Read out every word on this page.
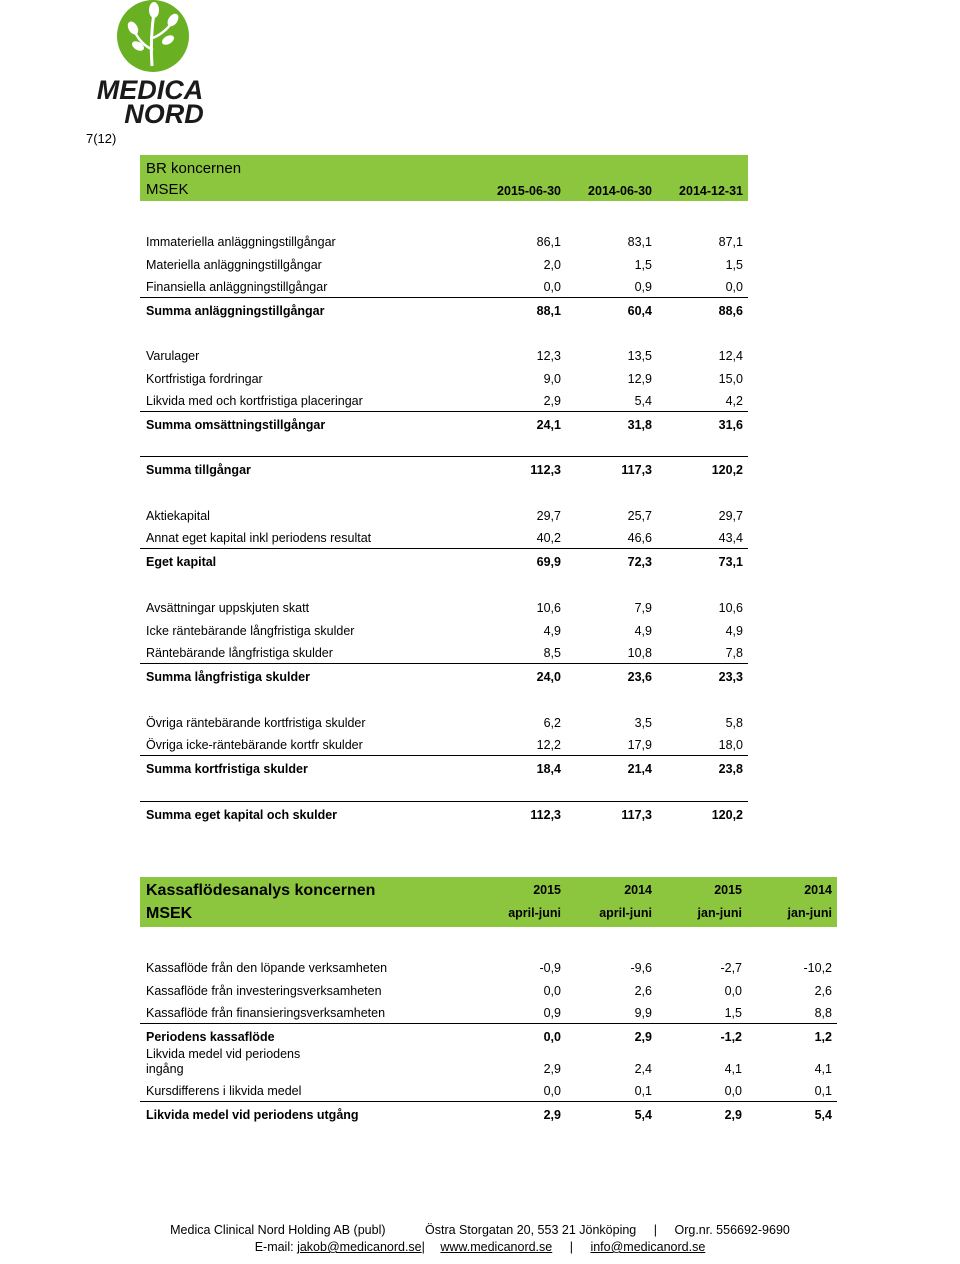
MEDICA
NORD
7(12)
BR koncernen
MSEK	2015-06-30 2014-06-30 2014-12-31
Immateriella anläggningstillgångar	86,1	83,1	87,1
Materiella anläggningstillgångar	2,0	1,5	1,5
Finansiella anläggningstillgångar	0,0	0,9	0,0
Summa anläggningstillgångar	88,1	60,4	88,6
Varulager	12,3	13,5	12,4
Kortfristiga fordringar	9,0	12,9	15,0
Likvida med och kortfristiga placeringar	2,9	5,4	4,2
Summa omsättningstillgångar	24,1	31,8	31,6
Summa tillgångar	112,3	117,3	120,2
Aktiekapital	29,7	25,7	29,7
Annat eget kapital inkl periodens resultat	40,2	46,6	43,4
Eget kapital	69,9	72,3	73,1
Avsättningar uppskjuten skatt	10,6	7,9	10,6
Icke räntebärande långfristiga skulder	4,9	4,9	4,9
Räntebärande långfristiga skulder	8,5	10,8	7,8
Summa långfristiga skulder	24,0	23,6	23,3
Övriga räntebärande kortfristiga skulder	6,2	3,5	5,8
Övriga icke-räntebärande kortfr skulder	12,2	17,9	18,0
Summa kortfristiga skulder	18,4	21,4	23,8
Summa eget kapital och skulder	112,3	117,3	120,2
Kassaflödesanalys koncernen
MSEK
2015	2014	2015	2014
april-juni	april-juni	jan-juni	jan-juni
Kassaflöde från den löpande verksamheten	-0,9	-9,6	-2,7	-10,2
Kassaflöde från investeringsverksamheten	0,0	2,6	0,0	2,6
Kassaflöde från finansieringsverksamheten	0,9	9,9	1,5	8,8
Periodens kassaflöde	0,0	2,9	-1,2	1,2
Likvida medel vid periodens
ingång	2,9	2,4	4,1	4,1
Kursdifferens i likvida medel	0,0	0,1	0,0	0,1
Likvida medel vid periodens utgång	2,9	5,4	2,9	5,4
Medica Clinical Nord Holding AB (publ)	Östra Storgatan 20, 553 21 Jönköping | Org.nr. 556692-9690
E-mail: jakob@medicanord.se| www.medicanord.se | info@medicanord.se
